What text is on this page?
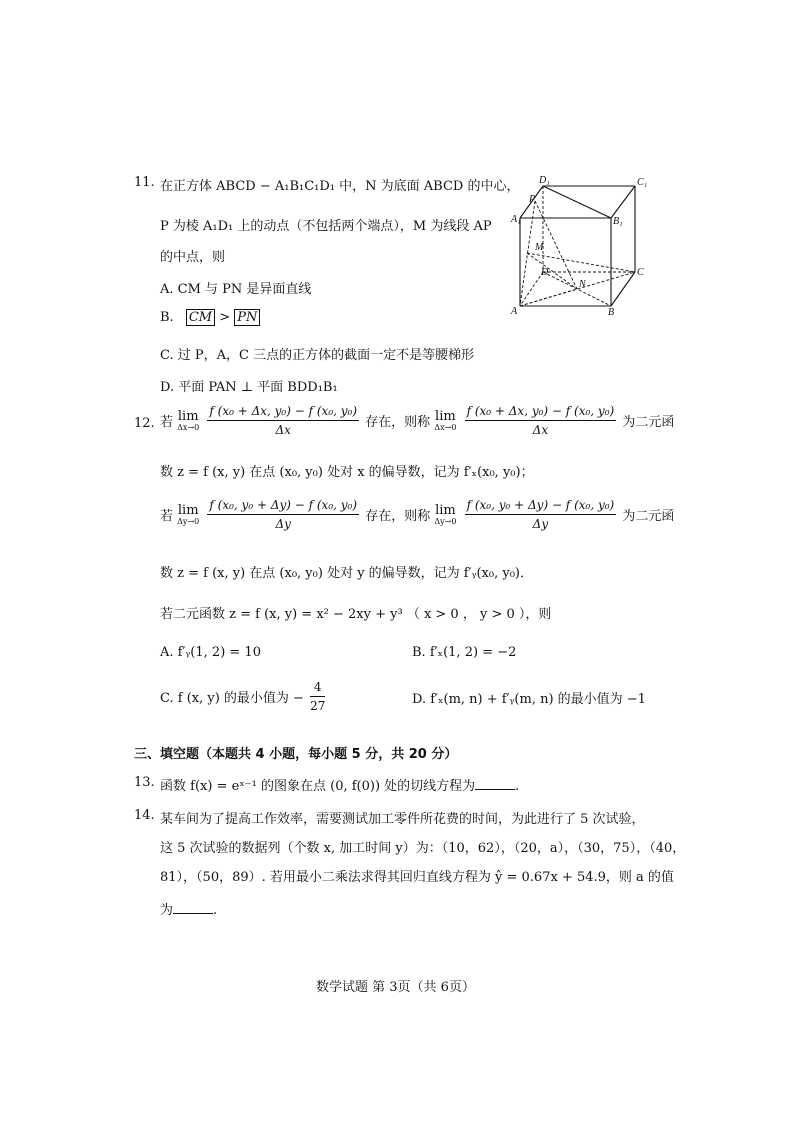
11. 在正方体 ABCD − A₁B₁C₁D₁ 中，N 为底面 ABCD 的中心，
P 为棱 A₁D₁ 上的动点（不包括两个端点），M 为线段 AP
的中点，则
A. CM 与 PN 是异面直线
B. CM > PN
C. 过 P，A，C 三点的正方体的截面一定不是等腰梯形
D. 平面 PAN ⊥ 平面 BDD₁B₁
D₁	C₁
A₁	B₁
P
M
D	C
N
A	B
12. 若 lim
Δx→0
$\frac{\text{f (x₀ + Δx, y₀) − f (x₀, y₀)}}{\Delta x}$ 存在，则称 lim
Δx→0
$\frac{\text{f (x₀ + Δx, y₀) − f (x₀, y₀)}}{\Delta x}$ 为二元函
数 z = f (x, y) 在点 (x₀, y₀) 处对 x 的偏导数，记为 f′ₓ(x₀, y₀)；
若 lim
Δy→0
$\frac{\text{f (x₀, y₀ + Δy) − f (x₀, y₀)}}{\Delta y}$ 存在，则称 lim
Δy→0
$\frac{\text{f (x₀, y₀ + Δy) − f (x₀, y₀)}}{\Delta y}$ 为二元函
数 z = f (x, y) 在点 (x₀, y₀) 处对 y 的偏导数，记为 f′ᵧ(x₀, y₀)．
若二元函数 z = f (x, y) = x² − 2xy + y³ （ x > 0 ， y > 0 ），则
A. f′ᵧ(1, 2) = 10	B. f′ₓ(1, 2) = −2
C. f (x, y) 的最小值为 − $\frac{4}{27}$	D. f′ₓ(m, n) + f′ᵧ(m, n) 的最小值为 −1
三、填空题（本题共 4 小题，每小题 5 分，共 20 分）
13. 函数 f(x) = eˣ⁻¹ 的图象在点 (0, f(0)) 处的切线方程为	.
14. 某车间为了提高工作效率，需要测试加工零件所花费的时间，为此进行了 5 次试验，
这 5 次试验的数据列（个数 x, 加工时间 y）为：（10，62），（20，a），（30，75），（40，
81），（50，89）. 若用最小二乘法求得其回归直线方程为 ŷ = 0.67x + 54.9，则 a 的值
为	.
数学试题 第 3页（共 6页）
